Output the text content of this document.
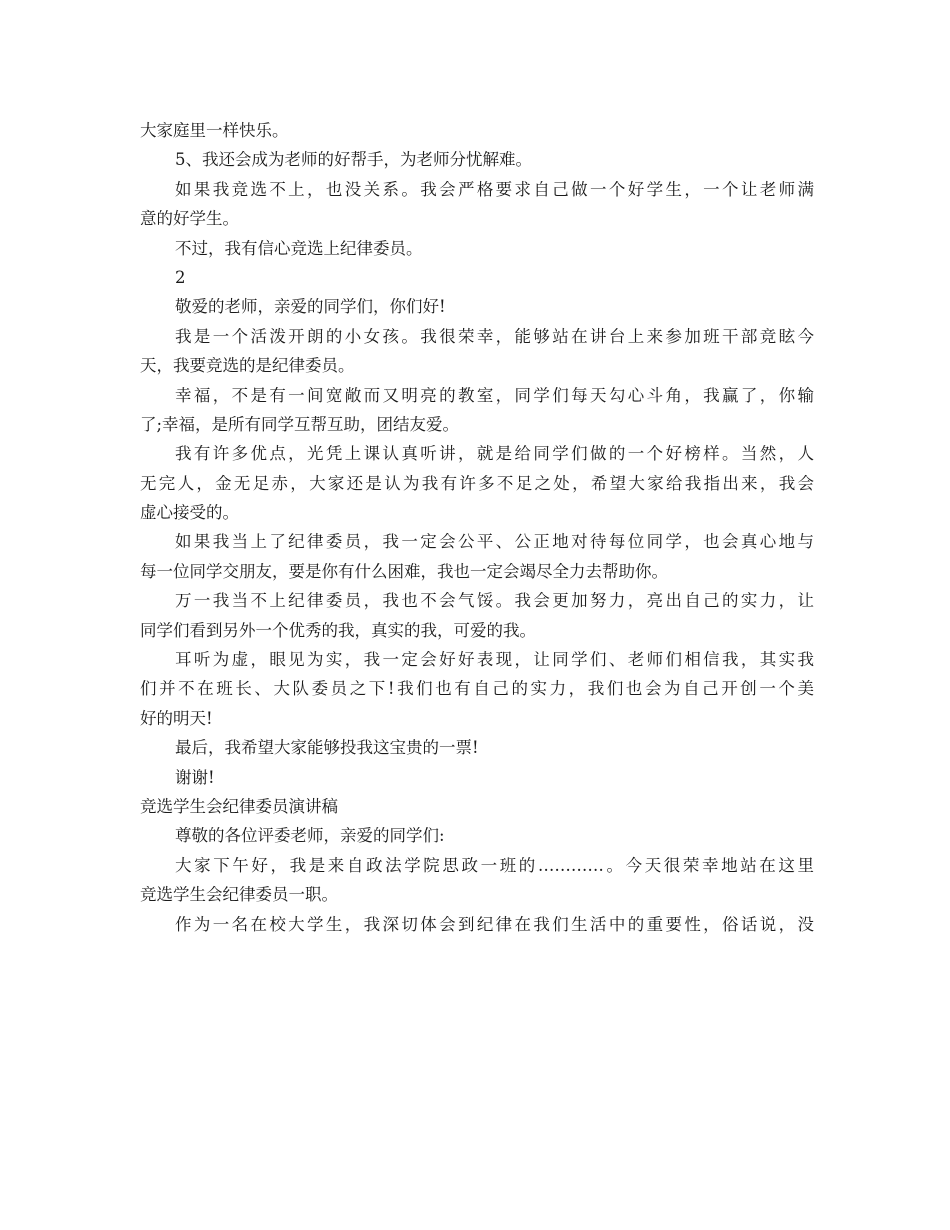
大家庭里一样快乐。
5、我还会成为老师的好帮手，为老师分忧解难。
如果我竞选不上，也没关系。我会严格要求自己做一个好学生，一个让老师满
意的好学生。
不过，我有信心竞选上纪律委员。
2
敬爱的老师，亲爱的同学们，你们好!
我是一个活泼开朗的小女孩。我很荣幸，能够站在讲台上来参加班干部竞眩今
天，我要竞选的是纪律委员。
幸福，不是有一间宽敞而又明亮的教室，同学们每天勾心斗角，我赢了，你输
了;幸福，是所有同学互帮互助，团结友爱。
我有许多优点，光凭上课认真听讲，就是给同学们做的一个好榜样。当然，人
无完人，金无足赤，大家还是认为我有许多不足之处，希望大家给我指出来，我会
虚心接受的。
如果我当上了纪律委员，我一定会公平、公正地对待每位同学，也会真心地与
每一位同学交朋友，要是你有什么困难，我也一定会竭尽全力去帮助你。
万一我当不上纪律委员，我也不会气馁。我会更加努力，亮出自己的实力，让
同学们看到另外一个优秀的我，真实的我，可爱的我。
耳听为虚，眼见为实，我一定会好好表现，让同学们、老师们相信我，其实我
们并不在班长、大队委员之下!我们也有自己的实力，我们也会为自己开创一个美
好的明天!
最后，我希望大家能够投我这宝贵的一票!
谢谢!
竞选学生会纪律委员演讲稿
尊敬的各位评委老师，亲爱的同学们:
大家下午好，我是来自政法学院思政一班的…………。今天很荣幸地站在这里
竞选学生会纪律委员一职。
作为一名在校大学生，我深切体会到纪律在我们生活中的重要性，俗话说，没
